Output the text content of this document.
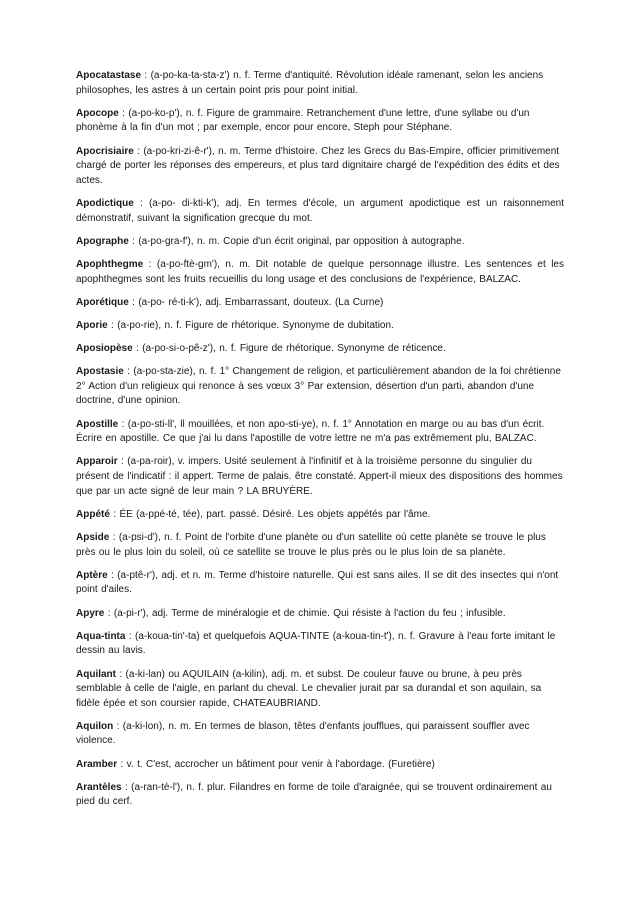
Apocatastase : (a-po-ka-ta-sta-z') n. f. Terme d'antiquité. Révolution idéale ramenant, selon les anciens philosophes, les astres à un certain point pris pour point initial.

Apocope : (a-po-ko-p'), n. f. Figure de grammaire. Retranchement d'une lettre, d'une syllabe ou d'un phonème à la fin d'un mot ; par exemple, encor pour encore, Steph pour Stéphane.

Apocrisiaire : (a-po-kri-zi-ê-r'), n. m. Terme d'histoire. Chez les Grecs du Bas-Empire, officier primitivement chargé de porter les réponses des empereurs, et plus tard dignitaire chargé de l'expédition des édits et des actes.

Apodictique : (a-po- di-kti-k'), adj. En termes d'école, un argument apodictique est un raisonnement démonstratif, suivant la signification grecque du mot.

Apographe : (a-po-gra-f'), n. m. Copie d'un écrit original, par opposition à autographe.

Apophthegme : (a-po-ftè-gm'), n. m. Dit notable de quelque personnage illustre. Les sentences et les apophthegmes sont les fruits recueillis du long usage et des conclusions de l'expérience, BALZAC.

Aporétique : (a-po- ré-ti-k'), adj. Embarrassant, douteux. (La Curne)

Aporie : (a-po-rie), n. f. Figure de rhétorique. Synonyme de dubitation.

Aposiopèse : (a-po-si-o-pê-z'), n. f. Figure de rhétorique. Synonyme de réticence.

Apostasie : (a-po-sta-zie), n. f. 1° Changement de religion, et particulièrement abandon de la foi chrétienne 2° Action d'un religieux qui renonce à ses vœux 3° Par extension, désertion d'un parti, abandon d'une doctrine, d'une opinion.

Apostille : (a-po-sti-ll', ll mouillées, et non apo-sti-ye), n. f. 1° Annotation en marge ou au bas d'un écrit. Écrire en apostille. Ce que j'ai lu dans l'apostille de votre lettre ne m'a pas extrêmement plu, BALZAC.

Apparoir : (a-pa-roir), v. impers. Usité seulement à l'infinitif et à la troisième personne du singulier du présent de l'indicatif : il appert. Terme de palais. être constaté. Appert-il mieux des dispositions des hommes que par un acte signé de leur main ? LA BRUYÈRE.

Appété : ÉE (a-ppé-té, tée), part. passé. Désiré. Les objets appétés par l'âme.

Apside : (a-psi-d'), n. f. Point de l'orbite d'une planète ou d'un satellite où cette planète se trouve le plus près ou le plus loin du soleil, où ce satellite se trouve le plus près ou le plus loin de sa planète.

Aptère : (a-ptê-r'), adj. et n. m. Terme d'histoire naturelle. Qui est sans ailes. Il se dit des insectes qui n'ont point d'ailes.

Apyre : (a-pi-r'), adj. Terme de minéralogie et de chimie. Qui résiste à l'action du feu ; infusible.

Aqua-tinta : (a-koua-tin'-ta) et quelquefois AQUA-TINTE (a-koua-tin-t'), n. f. Gravure à l'eau forte imitant le dessin au lavis.

Aquilant : (a-ki-lan) ou AQUILAIN (a-kilin), adj. m. et subst. De couleur fauve ou brune, à peu près semblable à celle de l'aigle, en parlant du cheval. Le chevalier jurait par sa durandal et son aquilain, sa fidèle épée et son coursier rapide, CHATEAUBRIAND.

Aquilon : (a-ki-lon), n. m. En termes de blason, têtes d'enfants joufflues, qui paraissent souffler avec violence.

Aramber : v. t. C'est, accrocher un bâtiment pour venir à l'abordage. (Furetière)

Arantèles : (a-ran-tè-l'), n. f. plur. Filandres en forme de toile d'araignée, qui se trouvent ordinairement au pied du cerf.
